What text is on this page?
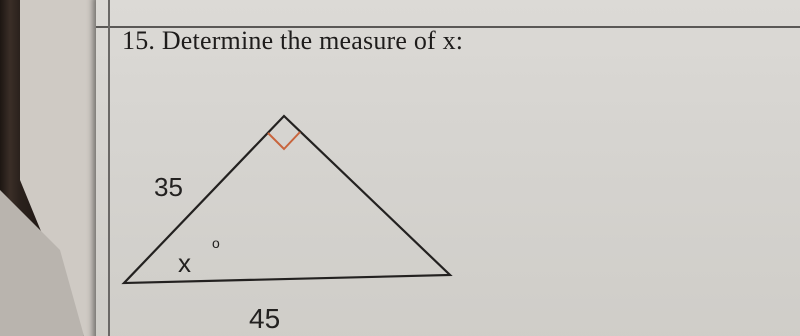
15. Determine the measure of x:
35
x
o
45
